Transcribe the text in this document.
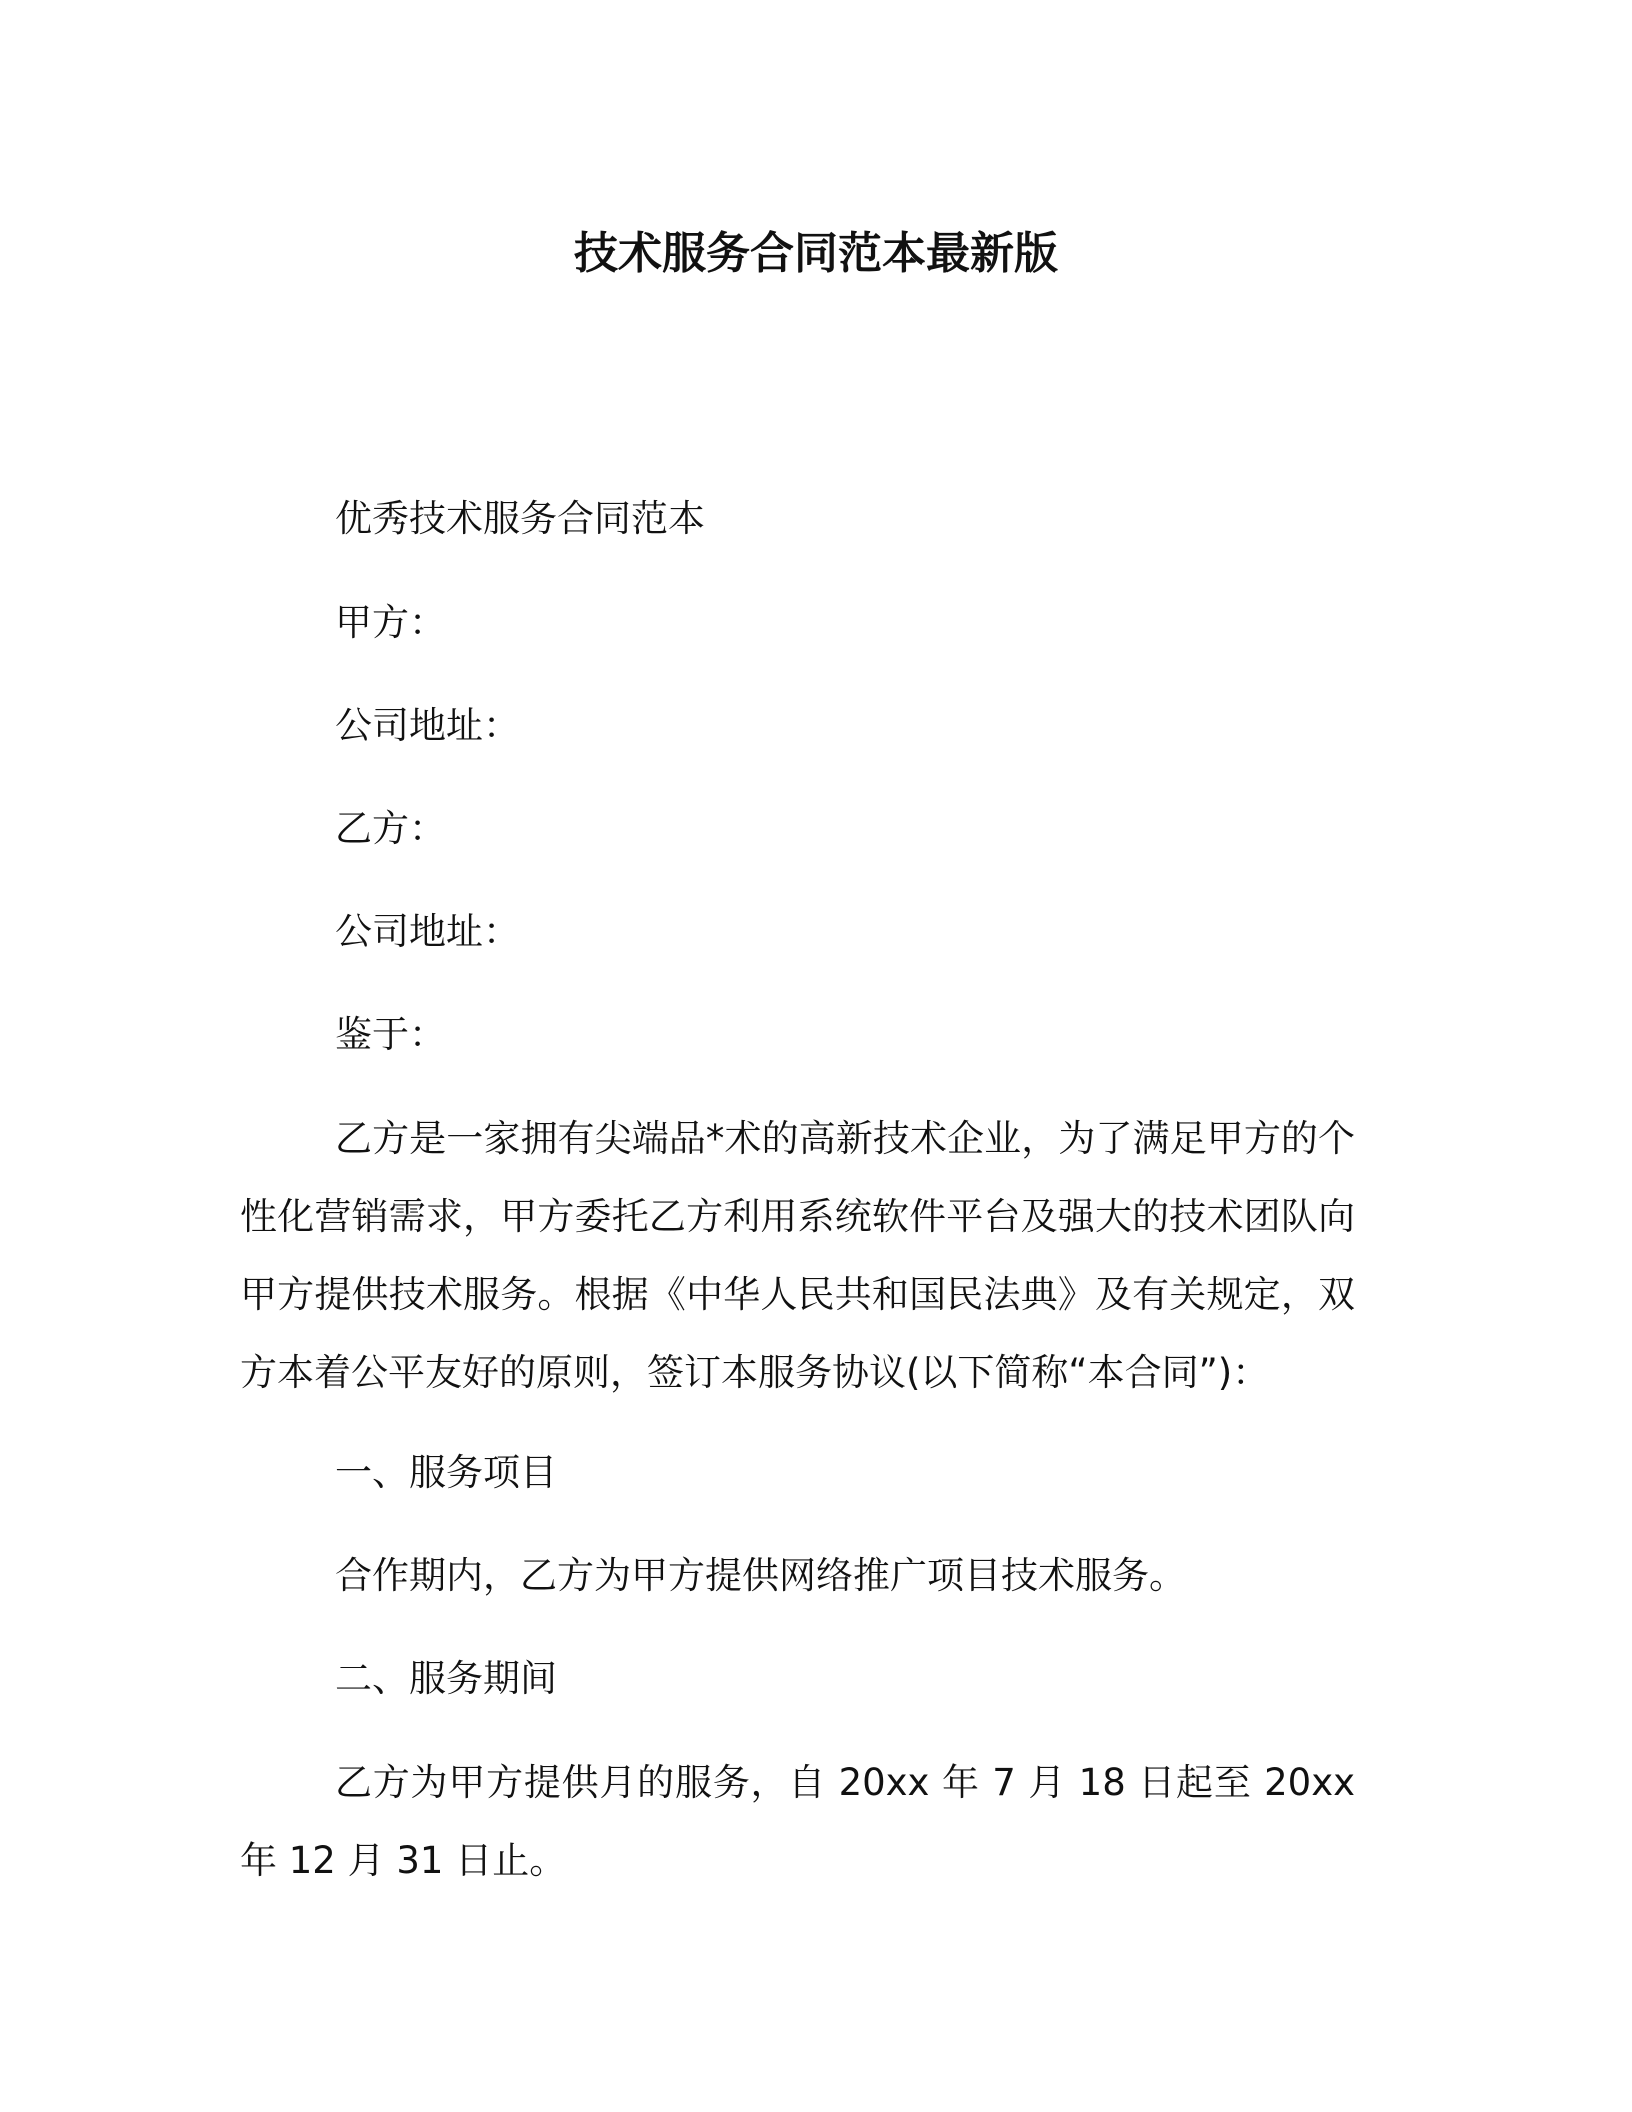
技术服务合同范本最新版
优秀技术服务合同范本
甲方：
公司地址：
乙方：
公司地址：
鉴于：

乙方是一家拥有尖端品*术的高新技术企业，为了满足甲方的个性化营销需求，甲方委托乙方利用系统软件平台及强大的技术团队向甲方提供技术服务。根据《中华人民共和国民法典》及有关规定，双方本着公平友好的原则，签订本服务协议(以下简称“本合同”)：

一、服务项目
合作期内，乙方为甲方提供网络推广项目技术服务。
二、服务期间

乙方为甲方提供月的服务，自 20xx 年 7 月 18 日起至 20xx 年 12 月 31 日止。
